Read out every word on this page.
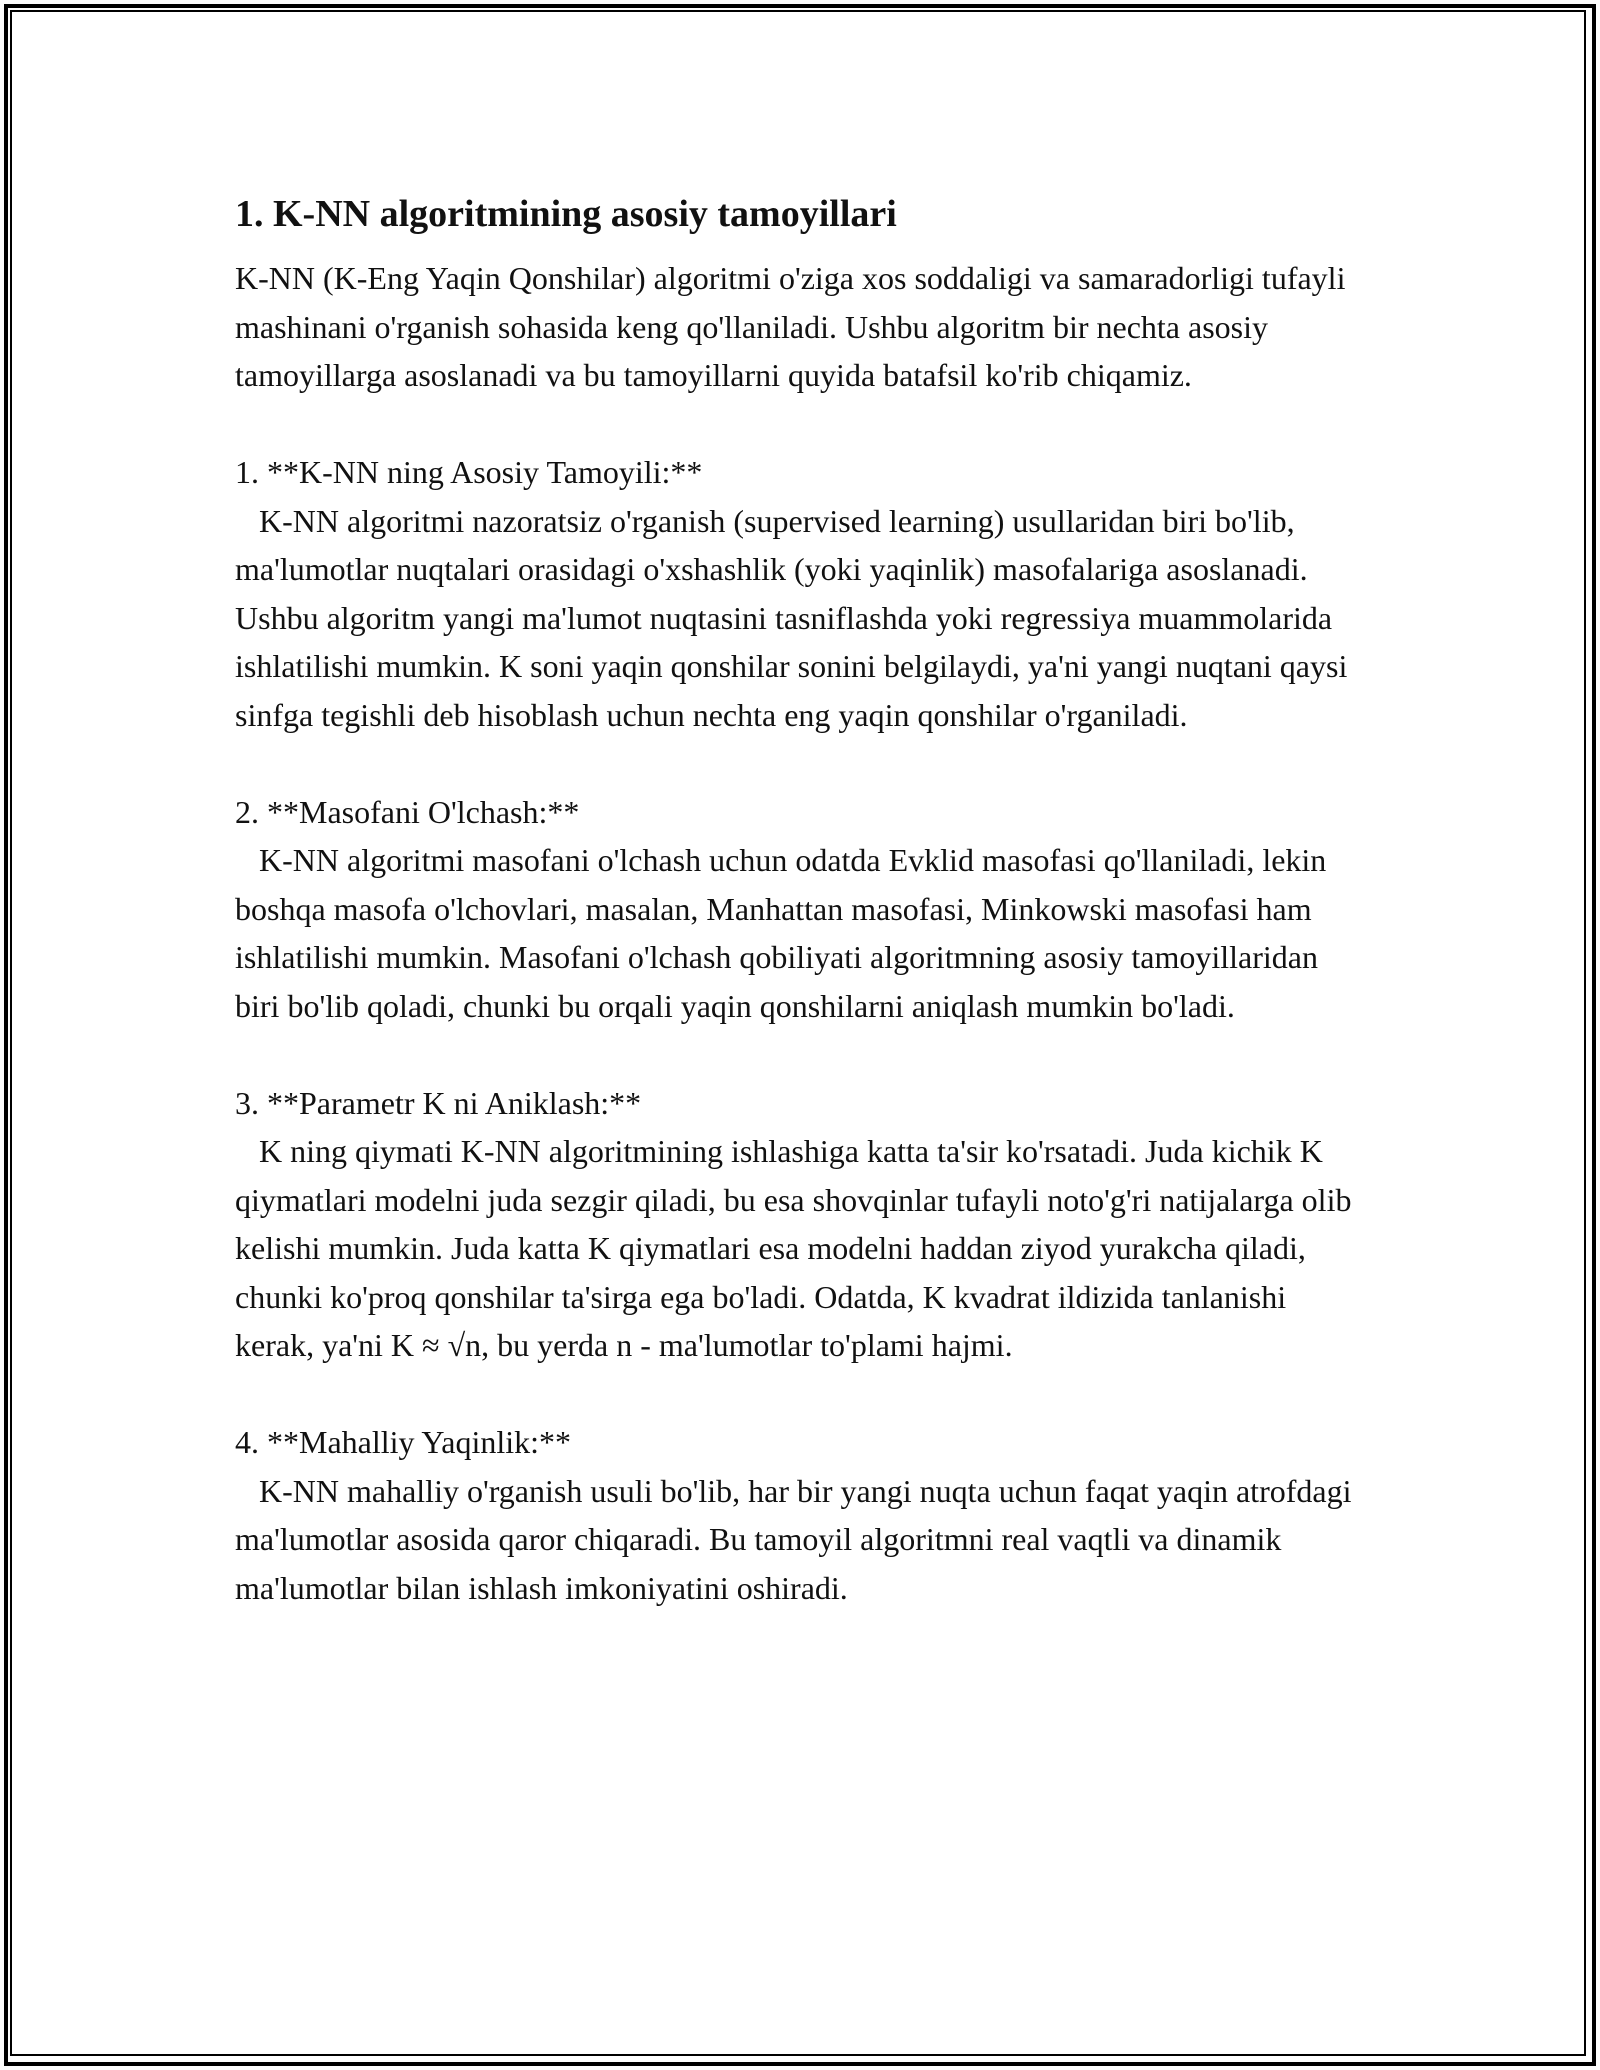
1. K-NN algoritmining asosiy tamoyillari

K-NN (K-Eng Yaqin Qonshilar) algoritmi o'ziga xos soddaligi va samaradorligi tufayli mashinani o'rganish sohasida keng qo'llaniladi. Ushbu algoritm bir nechta asosiy tamoyillarga asoslanadi va bu tamoyillarni quyida batafsil ko'rib chiqamiz.

1. **K-NN ning Asosiy Tamoyili:**

K-NN algoritmi nazoratsiz o'rganish (supervised learning) usullaridan biri bo'lib, ma'lumotlar nuqtalari orasidagi o'xshashlik (yoki yaqinlik) masofalariga asoslanadi. Ushbu algoritm yangi ma'lumot nuqtasini tasniflashda yoki regressiya muammolarida ishlatilishi mumkin. K soni yaqin qonshilar sonini belgilaydi, ya'ni yangi nuqtani qaysi sinfga tegishli deb hisoblash uchun nechta eng yaqin qonshilar o'rganiladi.

2. **Masofani O'lchash:**

K-NN algoritmi masofani o'lchash uchun odatda Evklid masofasi qo'llaniladi, lekin boshqa masofa o'lchovlari, masalan, Manhattan masofasi, Minkowski masofasi ham ishlatilishi mumkin. Masofani o'lchash qobiliyati algoritmning asosiy tamoyillaridan biri bo'lib qoladi, chunki bu orqali yaqin qonshilarni aniqlash mumkin bo'ladi.

3. **Parametr K ni Aniklash:**

K ning qiymati K-NN algoritmining ishlashiga katta ta'sir ko'rsatadi. Juda kichik K qiymatlari modelni juda sezgir qiladi, bu esa shovqinlar tufayli noto'g'ri natijalarga olib kelishi mumkin. Juda katta K qiymatlari esa modelni haddan ziyod yurakcha qiladi, chunki ko'proq qonshilar ta'sirga ega bo'ladi. Odatda, K kvadrat ildizida tanlanishi kerak, ya'ni K ≈ √n, bu yerda n - ma'lumotlar to'plami hajmi.

4. **Mahalliy Yaqinlik:**

K-NN mahalliy o'rganish usuli bo'lib, har bir yangi nuqta uchun faqat yaqin atrofdagi ma'lumotlar asosida qaror chiqaradi. Bu tamoyil algoritmni real vaqtli va dinamik ma'lumotlar bilan ishlash imkoniyatini oshiradi.
